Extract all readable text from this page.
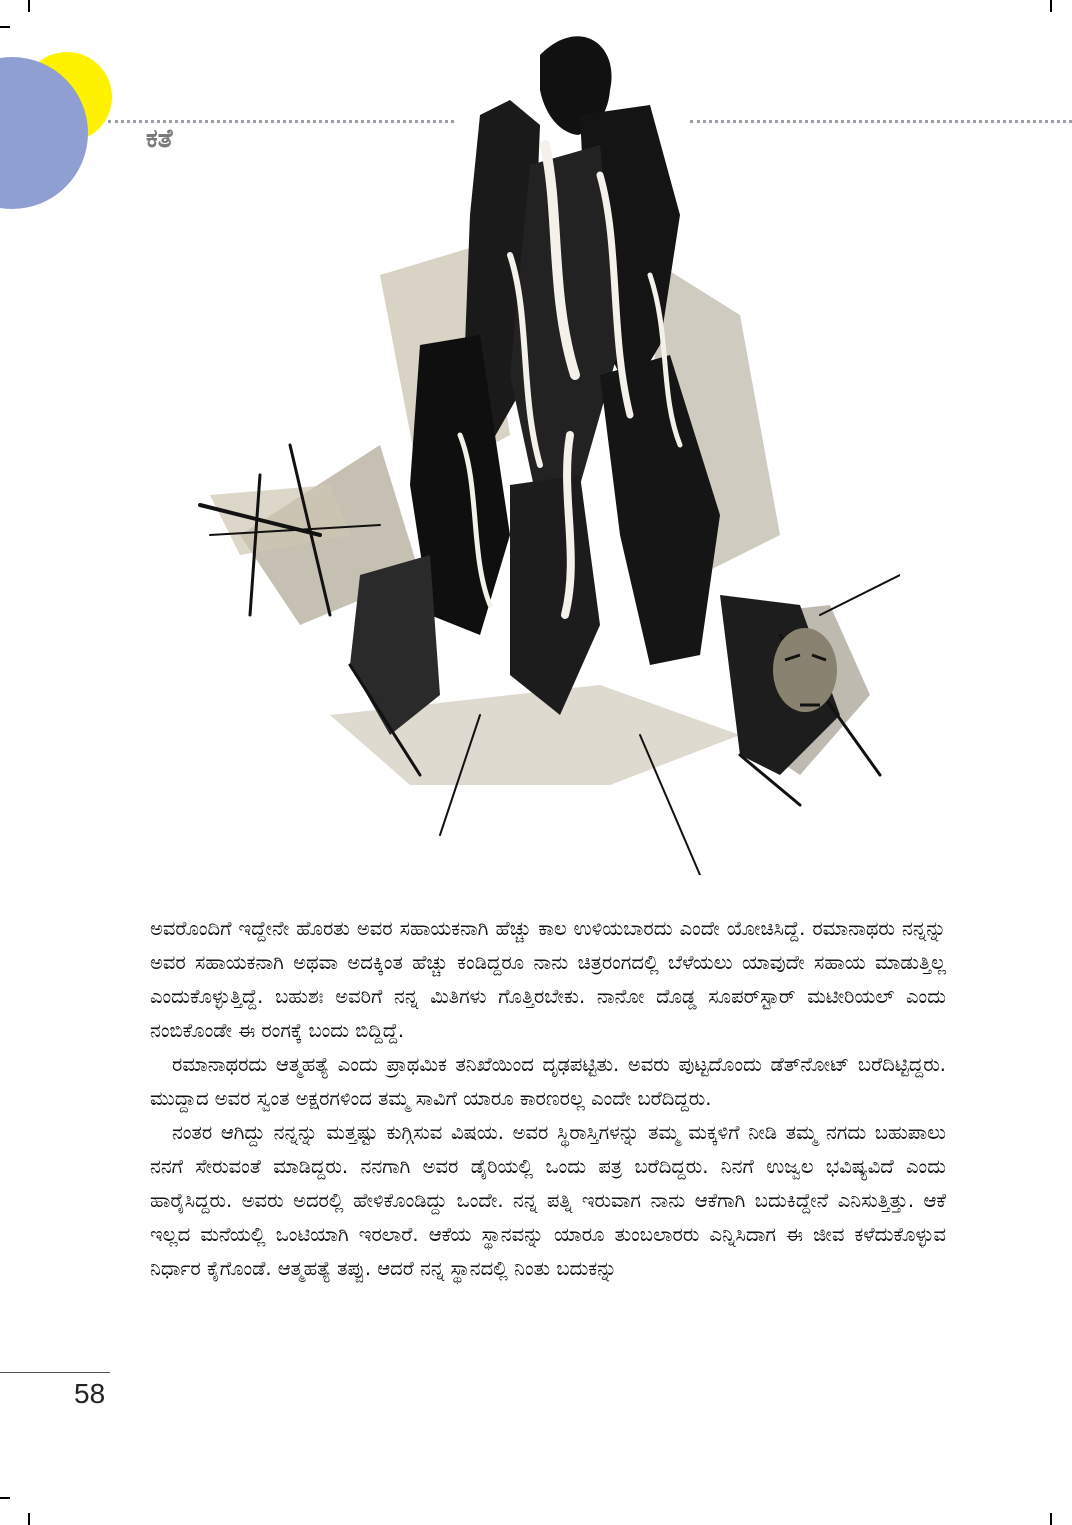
ಕತೆ

ಅವರೊಂದಿಗೆ ಇದ್ದೇನೇ ಹೊರತು ಅವರ ಸಹಾಯಕನಾಗಿ ಹೆಚ್ಚು ಕಾಲ ಉಳಿಯಬಾರದು ಎಂದೇ ಯೋಚಿಸಿದ್ದೆ. ರಮಾನಾಥರು ನನ್ನನ್ನು ಅವರ ಸಹಾಯಕನಾಗಿ ಅಥವಾ ಅದಕ್ಕಿಂತ ಹೆಚ್ಚು ಕಂಡಿದ್ದರೂ ನಾನು ಚಿತ್ರರಂಗದಲ್ಲಿ ಬೆಳೆಯಲು ಯಾವುದೇ ಸಹಾಯ ಮಾಡುತ್ತಿಲ್ಲ ಎಂದುಕೊಳ್ಳುತ್ತಿದ್ದೆ. ಬಹುಶಃ ಅವರಿಗೆ ನನ್ನ ಮಿತಿಗಳು ಗೊತ್ತಿರಬೇಕು. ನಾನೋ ದೊಡ್ಡ ಸೂಪರ್‌ಸ್ಟಾರ್ ಮಟೀರಿಯಲ್ ಎಂದು ನಂಬಿಕೊಂಡೇ ಈ ರಂಗಕ್ಕೆ ಬಂದು ಬಿದ್ದಿದ್ದೆ.

ರಮಾನಾಥರದು ಆತ್ಮಹತ್ಯೆ ಎಂದು ಪ್ರಾಥಮಿಕ ತನಿಖೆಯಿಂದ ದೃಢಪಟ್ಟಿತು. ಅವರು ಪುಟ್ಟದೊಂದು ಡೆತ್‌ನೋಟ್ ಬರೆದಿಟ್ಟಿದ್ದರು. ಮುದ್ದಾದ ಅವರ ಸ್ವಂತ ಅಕ್ಷರಗಳಿಂದ ತಮ್ಮ ಸಾವಿಗೆ ಯಾರೂ ಕಾರಣರಲ್ಲ ಎಂದೇ ಬರೆದಿದ್ದರು.

ನಂತರ ಆಗಿದ್ದು ನನ್ನನ್ನು ಮತ್ತಷ್ಟು ಕುಗ್ಗಿಸುವ ವಿಷಯ. ಅವರ ಸ್ಥಿರಾಸ್ತಿಗಳನ್ನು ತಮ್ಮ ಮಕ್ಕಳಿಗೆ ನೀಡಿ ತಮ್ಮ ನಗದು ಬಹುಪಾಲು ನನಗೆ ಸೇರುವಂತೆ ಮಾಡಿದ್ದರು. ನನಗಾಗಿ ಅವರ ಡೈರಿಯಲ್ಲಿ ಒಂದು ಪತ್ರ ಬರೆದಿದ್ದರು. ನಿನಗೆ ಉಜ್ವಲ ಭವಿಷ್ಯವಿದೆ ಎಂದು ಹಾರೈಸಿದ್ದರು. ಅವರು ಅದರಲ್ಲಿ ಹೇಳಿಕೊಂಡಿದ್ದು ಒಂದೇ. ನನ್ನ ಪತ್ನಿ ಇರುವಾಗ ನಾನು ಆಕೆಗಾಗಿ ಬದುಕಿದ್ದೇನೆ ಎನಿಸುತ್ತಿತ್ತು. ಆಕೆ ಇಲ್ಲದ ಮನೆಯಲ್ಲಿ ಒಂಟಿಯಾಗಿ ಇರಲಾರೆ. ಆಕೆಯ ಸ್ಥಾನವನ್ನು ಯಾರೂ ತುಂಬಲಾರರು ಎನ್ನಿಸಿದಾಗ ಈ ಜೀವ ಕಳೆದುಕೊಳ್ಳುವ ನಿರ್ಧಾರ ಕೈಗೊಂಡೆ. ಆತ್ಮಹತ್ಯೆ ತಪ್ಪು. ಆದರೆ ನನ್ನ ಸ್ಥಾನದಲ್ಲಿ ನಿಂತು ಬದುಕನ್ನು

58
